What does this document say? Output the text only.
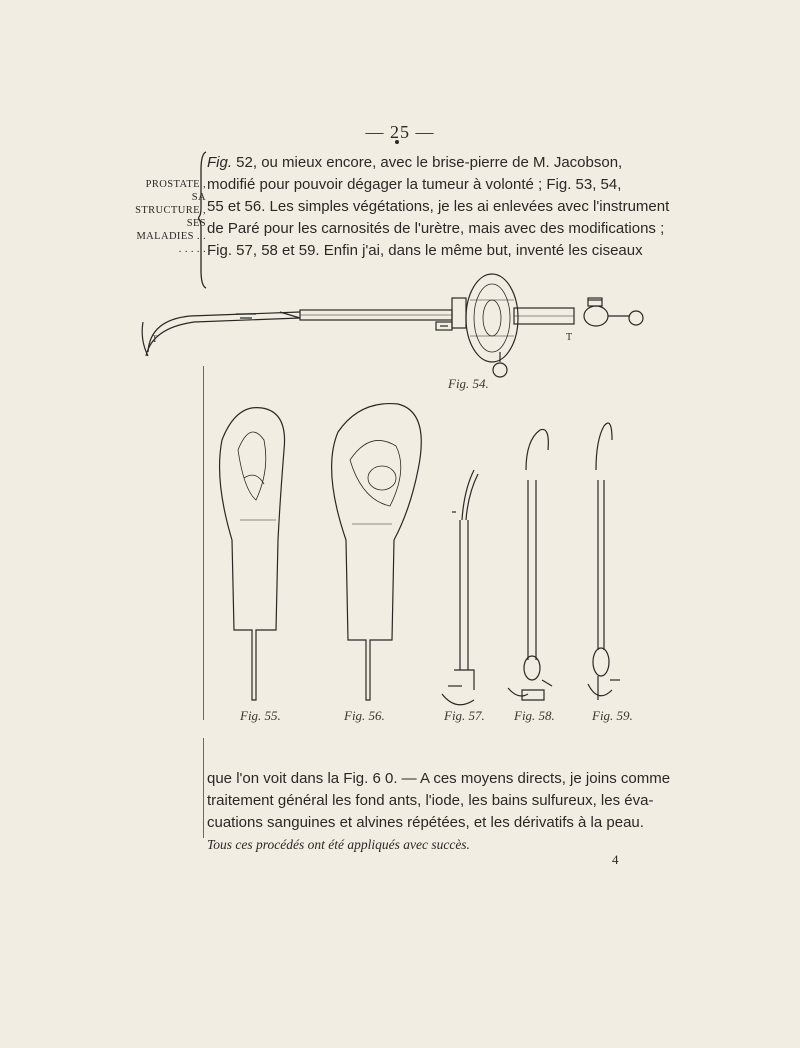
— 25 —
PROSTATE , SA
STRUCTURE , SES
MALADIES . . . . . . .
Fig. 52, ou mieux encore, avec le brise-pierre de M. Jacobson,
modifié pour pouvoir dégager la tumeur à volonté ; Fig. 53, 54,
55 et 56. Les simples végétations, je les ai enlevées avec l'instrument
de Paré pour les carnosités de l'urètre, mais avec des modifications ;
Fig. 57, 58 et 59. Enfin j'ai, dans le même but, inventé les ciseaux
T	T
Fig. 54.
Fig. 55.	Fig. 56.	Fig. 57. Fig. 58.	Fig. 59.
que l'on voit dans la Fig. 6 0. — A ces moyens directs, je joins comme
traitement général les fond ants, l'iode, les bains sulfureux, les éva-
cuations sanguines et alvines répétées, et les dérivatifs à la peau.
Tous ces procédés ont été appliqués avec succès.
4
